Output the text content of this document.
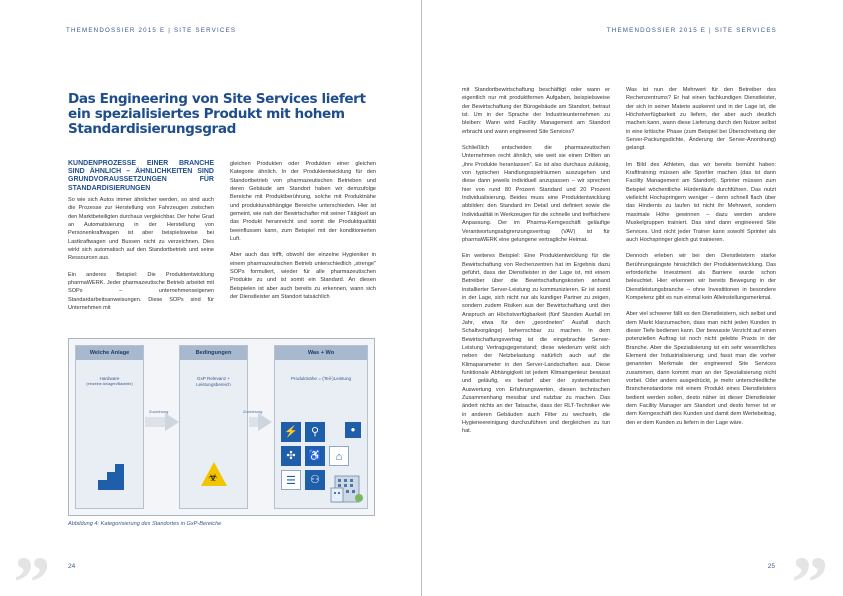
THEMENDOSSIER 2015 E | SITE SERVICES
Das Engineering von Site Services liefert ein spezialisiertes Produkt mit hohem Standardisierungsgrad
KUNDENPROZESSE EINER BRANCHE SIND ÄHNLICH – ÄHNLICHKEITEN SIND GRUNDVORAUSSETZUNGEN FÜR STANDARDISIERUNGEN

So wie sich Autos immer ähnlicher werden, so sind auch die Prozesse zur Herstellung von Fahrzeugen zwischen den Marktbeteiligten durchaus vergleichbar. Der hohe Grad an Automatisierung in der Herstellung von Personenkraftwagen ist aber beispielsweise bei Lastkraftwagen und Bussen nicht zu verzeichnen. Dies wirkt sich automatisch auf den Standortbetrieb und seine Ressourcen aus.

Ein anderes Beispiel: Die Produktentwicklung pharmaWERK. Jeder pharmazeutische Betrieb arbeitet mit SOPs – unternehmenseigenen Standardarbeitsanweisungen. Diese SOPs sind für Unternehmen mit

gleichen Produkten oder Produkten einer gleichen Kategorie ähnlich. In der Produktentwicklung für den Standortbetrieb von pharmazeutischen Betrieben und deren Gebäude am Standort haben wir demzufolge Bereiche mit Produktberührung, solche mit Produktnähe und produktunabhängige Bereiche unterschieden. Hier ist gemeint, wie nah der Bewirtschafter mit seiner Tätigkeit an das Produkt heranreicht und somit die Produktqualität beeinflussen kann, zum Beispiel mit der konditionierten Luft.

Aber auch das trifft, obwohl der einzelne Hygieniker in einem pharmazeutischen Betrieb unterschiedlich „strenge" SOPs formuliert, wieder für alle pharmazeutischen Produkte zu und ist somit ein Standard. An diesen Beispielen ist aber auch bereits zu erkennen, wann sich der Dienstleister am Standort tatsächlich

Welche Anlage
Hardware
(einzelne Anlagen/Bauteile)
Zuordnung
Bedingungen
GxP Relevanz + Leistungsbereich
☣
Zuordnung
Was + Wo
Produktnähe = (Teil-)Leistung
⚡	⚲
✣	♿
☰	⚇
⌂
●
Abbildung 4: Kategorisierung des Standortes in GxP-Bereiche
„	24
THEMENDOSSIER 2015 E | SITE SERVICES

mit Standortbewirtschaftung beschäftigt oder wann er eigentlich nur mit produktfernen Aufgaben, beispielsweise der Bewirtschaftung der Bürogebäude am Standort, betraut ist. Um in der Sprache der Industrieunternehmen zu bleiben: Wann wird Facility Management am Standort erbracht und wann engineered Site Services?

Schließlich entscheiden die pharmazeutischen Unternehmen recht ähnlich, wie weit sie einen Dritten an „ihre Produkte heranlassen". Es ist also durchaus zulässig, von typischen Handlungsspielräumen auszugehen und diese dann jeweils individuell anzupassen – wir sprechen hier von rund 80 Prozent Standard und 20 Prozent Individualisierung. Beides muss eine Produktentwicklung abbilden: den Standard im Detail und definiert sowie die Individualität in Werkzeugen für die schnelle und treffsichere Anpassung. Der im Pharma-Kerngeschäft geläufige Verantwortungsabgrenzungsvertrag (VAV) ist für pharmaWERK eine gelungene vertragliche Heimat.

Ein weiteres Beispiel: Eine Produktentwicklung für die Bewirtschaftung von Rechenzentren hat im Ergebnis dazu geführt, dass der Dienstleister in der Lage ist, mit einem Betreiber über die Bewirtschaftungskosten anhand installierter Server-Leistung zu kommunizieren. Er ist somit in der Lage, sich nicht nur als kundiger Partner zu zeigen, sondern zudem Risiken aus der Bewirtschaftung und den Anspruch an Höchstverfügbarkeit (fünf Stunden Ausfall im Jahr, etwa für den „geordneten" Ausfall durch Schaltvorgänge) beherrschbar zu machen. In dem Bewirtschaftungsvertrag ist die eingebrachte Server-Leistung Vertragsgegenstand; diese wiederum wirkt sich neben der Netzbelastung natürlich auch auf die Klimaparameter in den Server-Landschaften aus. Diese funktionale Abhängigkeit ist jedem Klimaingenieur bewusst und geläufig, es bedarf aber der systematischen Auswertung von Erfahrungswerten, diesen technischen Zusammenhang messbar und nutzbar zu machen. Das ändert nichts an der Tatsache, dass der RLT-Techniker wie in anderen Gebäuden auch Filter zu wechseln, die Hygieneereinigung durchzuführen und dergleichen zu tun hat.

Was ist nun der Mehrwert für den Betreiber des Rechenzentrums? Er hat einen fachkundigen Dienstleister, der sich in seiner Materie auskennt und in der Lage ist, die Höchstverfügbarkeit zu liefern, der aber auch deutlich machen kann, wann diese Lieferung durch den Nutzer selbst in eine kritische Phase (zum Beispiel bei Überschreitung der Server-Packungsdichte, Änderung der Server-Anordnung) gelangt.

Im Bild des Athleten, das wir bereits bemüht haben: Krafttraining müssen alle Sportler machen (das ist dann Facility Management am Standort). Sprinter müssen zum Beispiel wöchentliche Hürdenläufe durchführen. Das nutzt vielleicht Hochspringern weniger – denn schnell flach über das Hindernis zu laufen ist nicht ihr Mehrwert, sondern maximale Höhe gewinnen – dazu werden andere Muskelgruppen trainiert. Das sind dann engineered Site Services. Und nicht jeder Trainer kann sowohl Sprinter als auch Hochspringer gleich gut trainieren.

Dennoch erleben wir bei den Dienstleistern starke Berührungsängste hinsichtlich der Produktentwicklung. Das erforderliche Investment als Barriere wurde schon beleuchtet. Hier erkennen wir bereits Bewegung in der Dienstleistungsbranche – ohne Investitionen in besondere Kompetenz gibt es nun einmal kein Alleinstellungsmerkmal.

Aber viel schwerer fällt es den Dienstleistern, sich selbst und dem Markt klarzumachen, dass man nicht jeden Kunden in dieser Tiefe bedienen kann. Der bewusste Verzicht auf einen potenziellen Auftrag ist noch nicht gelebte Praxis in der Branche. Aber die Spezialisierung ist ein sehr wesentliches Element der Industrialisierung; und fasst man die vorher genannten Merkmale der engineered Site Services zusammen, dann kommt man an der Spezialisierung nicht vorbei. Oder anders ausgedrückt, je mehr unterschiedliche Branchenstandorte mit einem Produkt eines Dienstleisters bedient werden sollen, desto näher ist dieser Dienstleister dem Facility Manager am Standort und desto ferner ist er dem Kerngeschäft des Kunden und damit dem Wertebeitrag, den er dem Kunden zu liefern in der Lage wäre.

„
25
